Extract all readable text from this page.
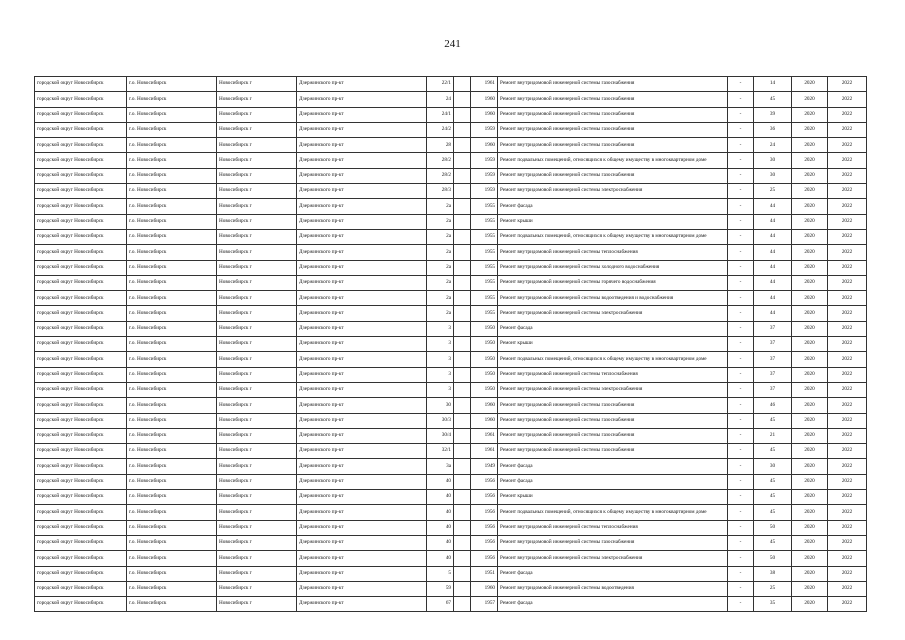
241
городской округ Новосибирск	г.о. Новосибирск	Новосибирск г	Дзержинского пр-кт	22/1		1961	Ремонт внутридомовой инженерной системы газоснабжения	-	14	2020	2022
городской округ Новосибирск	г.о. Новосибирск	Новосибирск г	Дзержинского пр-кт	24		1960	Ремонт внутридомовой инженерной системы газоснабжения	-	45	2020	2022
городской округ Новосибирск	г.о. Новосибирск	Новосибирск г	Дзержинского пр-кт	24/1		1960	Ремонт внутридомовой инженерной системы газоснабжения	-	39	2020	2022
городской округ Новосибирск	г.о. Новосибирск	Новосибирск г	Дзержинского пр-кт	24/2		1959	Ремонт внутридомовой инженерной системы газоснабжения	-	36	2020	2022
городской округ Новосибирск	г.о. Новосибирск	Новосибирск г	Дзержинского пр-кт	28		1960	Ремонт внутридомовой инженерной системы газоснабжения	-	24	2020	2022
городской округ Новосибирск	г.о. Новосибирск	Новосибирск г	Дзержинского пр-кт	28/2		1959	Ремонт подвальных помещений, относящихся к общему имуществу в многоквартирном доме	-	30	2020	2022
городской округ Новосибирск	г.о. Новосибирск	Новосибирск г	Дзержинского пр-кт	28/2		1959	Ремонт внутридомовой инженерной системы газоснабжения	-	30	2020	2022
городской округ Новосибирск	г.о. Новосибирск	Новосибирск г	Дзержинского пр-кт	28/3		1959	Ремонт внутридомовой инженерной системы электроснабжения	-	25	2020	2022
городской округ Новосибирск	г.о. Новосибирск	Новосибирск г	Дзержинского пр-кт	2а		1955	Ремонт фасада	-	44	2020	2022
городской округ Новосибирск	г.о. Новосибирск	Новосибирск г	Дзержинского пр-кт	2а		1955	Ремонт крыши	-	44	2020	2022
городской округ Новосибирск	г.о. Новосибирск	Новосибирск г	Дзержинского пр-кт	2а		1955	Ремонт подвальных помещений, относящихся к общему имуществу в многоквартирном доме	-	44	2020	2022
городской округ Новосибирск	г.о. Новосибирск	Новосибирск г	Дзержинского пр-кт	2а		1955	Ремонт внутридомовой инженерной системы теплоснабжения	-	44	2020	2022
городской округ Новосибирск	г.о. Новосибирск	Новосибирск г	Дзержинского пр-кт	2а		1955	Ремонт внутридомовой инженерной системы холодного водоснабжения	-	44	2020	2022
городской округ Новосибирск	г.о. Новосибирск	Новосибирск г	Дзержинского пр-кт	2а		1955	Ремонт внутридомовой инженерной системы горячего водоснабжения	-	44	2020	2022
городской округ Новосибирск	г.о. Новосибирск	Новосибирск г	Дзержинского пр-кт	2а		1955	Ремонт внутридомовой инженерной системы водоотведения и водоснабжения	-	44	2020	2022
городской округ Новосибирск	г.о. Новосибирск	Новосибирск г	Дзержинского пр-кт	2а		1955	Ремонт внутридомовой инженерной системы электроснабжения	-	44	2020	2022
городской округ Новосибирск	г.о. Новосибирск	Новосибирск г	Дзержинского пр-кт	3		1950	Ремонт фасада	-	37	2020	2022
городской округ Новосибирск	г.о. Новосибирск	Новосибирск г	Дзержинского пр-кт	3		1950	Ремонт крыши	-	37	2020	2022
городской округ Новосибирск	г.о. Новосибирск	Новосибирск г	Дзержинского пр-кт	3		1950	Ремонт подвальных помещений, относящихся к общему имуществу в многоквартирном доме	-	37	2020	2022
городской округ Новосибирск	г.о. Новосибирск	Новосибирск г	Дзержинского пр-кт	3		1950	Ремонт внутридомовой инженерной системы теплоснабжения	-	37	2020	2022
городской округ Новосибирск	г.о. Новосибирск	Новосибирск г	Дзержинского пр-кт	3		1950	Ремонт внутридомовой инженерной системы электроснабжения	-	37	2020	2022
городской округ Новосибирск	г.о. Новосибирск	Новосибирск г	Дзержинского пр-кт	30		1960	Ремонт внутридомовой инженерной системы газоснабжения	-	46	2020	2022
городской округ Новосибирск	г.о. Новосибирск	Новосибирск г	Дзержинского пр-кт	30/3		1960	Ремонт внутридомовой инженерной системы газоснабжения	-	45	2020	2022
городской округ Новосибирск	г.о. Новосибирск	Новосибирск г	Дзержинского пр-кт	30/4		1961	Ремонт внутридомовой инженерной системы газоснабжения	-	21	2020	2022
городской округ Новосибирск	г.о. Новосибирск	Новосибирск г	Дзержинского пр-кт	32/1		1961	Ремонт внутридомовой инженерной системы газоснабжения	-	45	2020	2022
городской округ Новосибирск	г.о. Новосибирск	Новосибирск г	Дзержинского пр-кт	3а		1949	Ремонт фасада	-	30	2020	2022
городской округ Новосибирск	г.о. Новосибирск	Новосибирск г	Дзержинского пр-кт	40		1956	Ремонт фасада	-	45	2020	2022
городской округ Новосибирск	г.о. Новосибирск	Новосибирск г	Дзержинского пр-кт	40		1956	Ремонт крыши	-	45	2020	2022
городской округ Новосибирск	г.о. Новосибирск	Новосибирск г	Дзержинского пр-кт	40		1956	Ремонт подвальных помещений, относящихся к общему имуществу в многоквартирном доме	-	45	2020	2022
городской округ Новосибирск	г.о. Новосибирск	Новосибирск г	Дзержинского пр-кт	40		1956	Ремонт внутридомовой инженерной системы теплоснабжения	-	50	2020	2022
городской округ Новосибирск	г.о. Новосибирск	Новосибирск г	Дзержинского пр-кт	40		1956	Ремонт внутридомовой инженерной системы газоснабжения	-	45	2020	2022
городской округ Новосибирск	г.о. Новосибирск	Новосибирск г	Дзержинского пр-кт	40		1956	Ремонт внутридомовой инженерной системы электроснабжения	-	50	2020	2022
городской округ Новосибирск	г.о. Новосибирск	Новосибирск г	Дзержинского пр-кт	5		1951	Ремонт фасада	-	38	2020	2022
городской округ Новосибирск	г.о. Новосибирск	Новосибирск г	Дзержинского пр-кт	59		1960	Ремонт внутридомовой инженерной системы водоотведения	-	25	2020	2022
городской округ Новосибирск	г.о. Новосибирск	Новосибирск г	Дзержинского пр-кт	67		1957	Ремонт фасада	-	35	2020	2022
